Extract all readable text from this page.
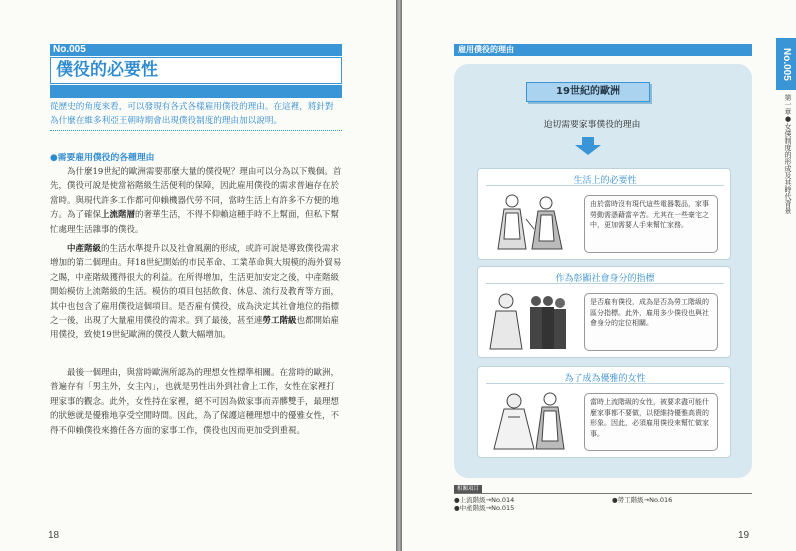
No.005
僕役的必要性
從歷史的角度來看，可以發現有各式各樣雇用僕役的理由。在這裡，將針對為什麼在維多利亞王朝時期會出現僕役制度的理由加以說明。
●需要雇用僕役的各種理由

為什麼19世紀的歐洲需要那麼大量的僕役呢？理由可以分為以下幾個。首先，僕役可說是使當裕階級生活便利的保障，因此雇用僕役的需求普遍存在於當時。與現代許多工作都可仰賴機器代勞不同，當時生活上有許多不方便的地方。為了確保上流階層的奢華生活，不得不仰賴這種手時不上幫面，但私下幫忙處理生活雜事的僕役。

中產階級的生活水準提升以及社會風潮的形成，或許可說是導致僕役需求增加的第二個理由。拜18世紀開始的市民革命、工業革命與大規模的海外貿易之賜，中產階級獲得很大的利益。在所得增加，生活更加安定之後，中產階級開始模仿上流階級的生活。模仿的項目包括飲食、休息、流行及教育等方面，其中也包含了雇用僕役這個項目。是否雇有僕役，成為決定其社會地位的指標之一後，出現了大量雇用僕役的需求。到了最後，甚至連勞工階級也都開始雇用僕役，致使19世紀歐洲的僕役人數大幅增加。

最後一個理由，與當時歐洲所認為的理想女性標準相關。在當時的歐洲，普遍存有「男主外，女主內」，也就是男性出外到社會上工作，女性在家裡打理家事的觀念。此外，女性持在家裡，絕不可因為做家事而弄髒雙手，最理想的狀態就是優雅地享受空閒時間。因此，為了保護這種理想中的優雅女性，不得不仰賴僕役來擔任各方面的家事工作，僕役也因而更加受到重視。

18
雇用僕役的理由	No.005
第一章●女僕制度的形成及其時代背景
19世紀的歐洲
迫切需要家事僕役的理由
生活上的必要性
由於當時沒有現代這些電器製品，家事勞動需憑藉當辛苦。尤其在一些豪宅之中，更加需要人手來幫忙家務。
作為彰顯社會身分的指標
是否雇有僕役，成為是否為勞工階級的區分指標。此外，雇用多少僕役也與社會身分的定位相關。
為了成為優雅的女性
當時上流階級的女性，被要求盡可能什麼家事都不要做，以便維持優雅高貴的形象。因此，必須雇用僕役來幫忙做家事。
相關項目
●上流階級→No.014
●中產階級→No.015
●勞工階級→No.016
19
